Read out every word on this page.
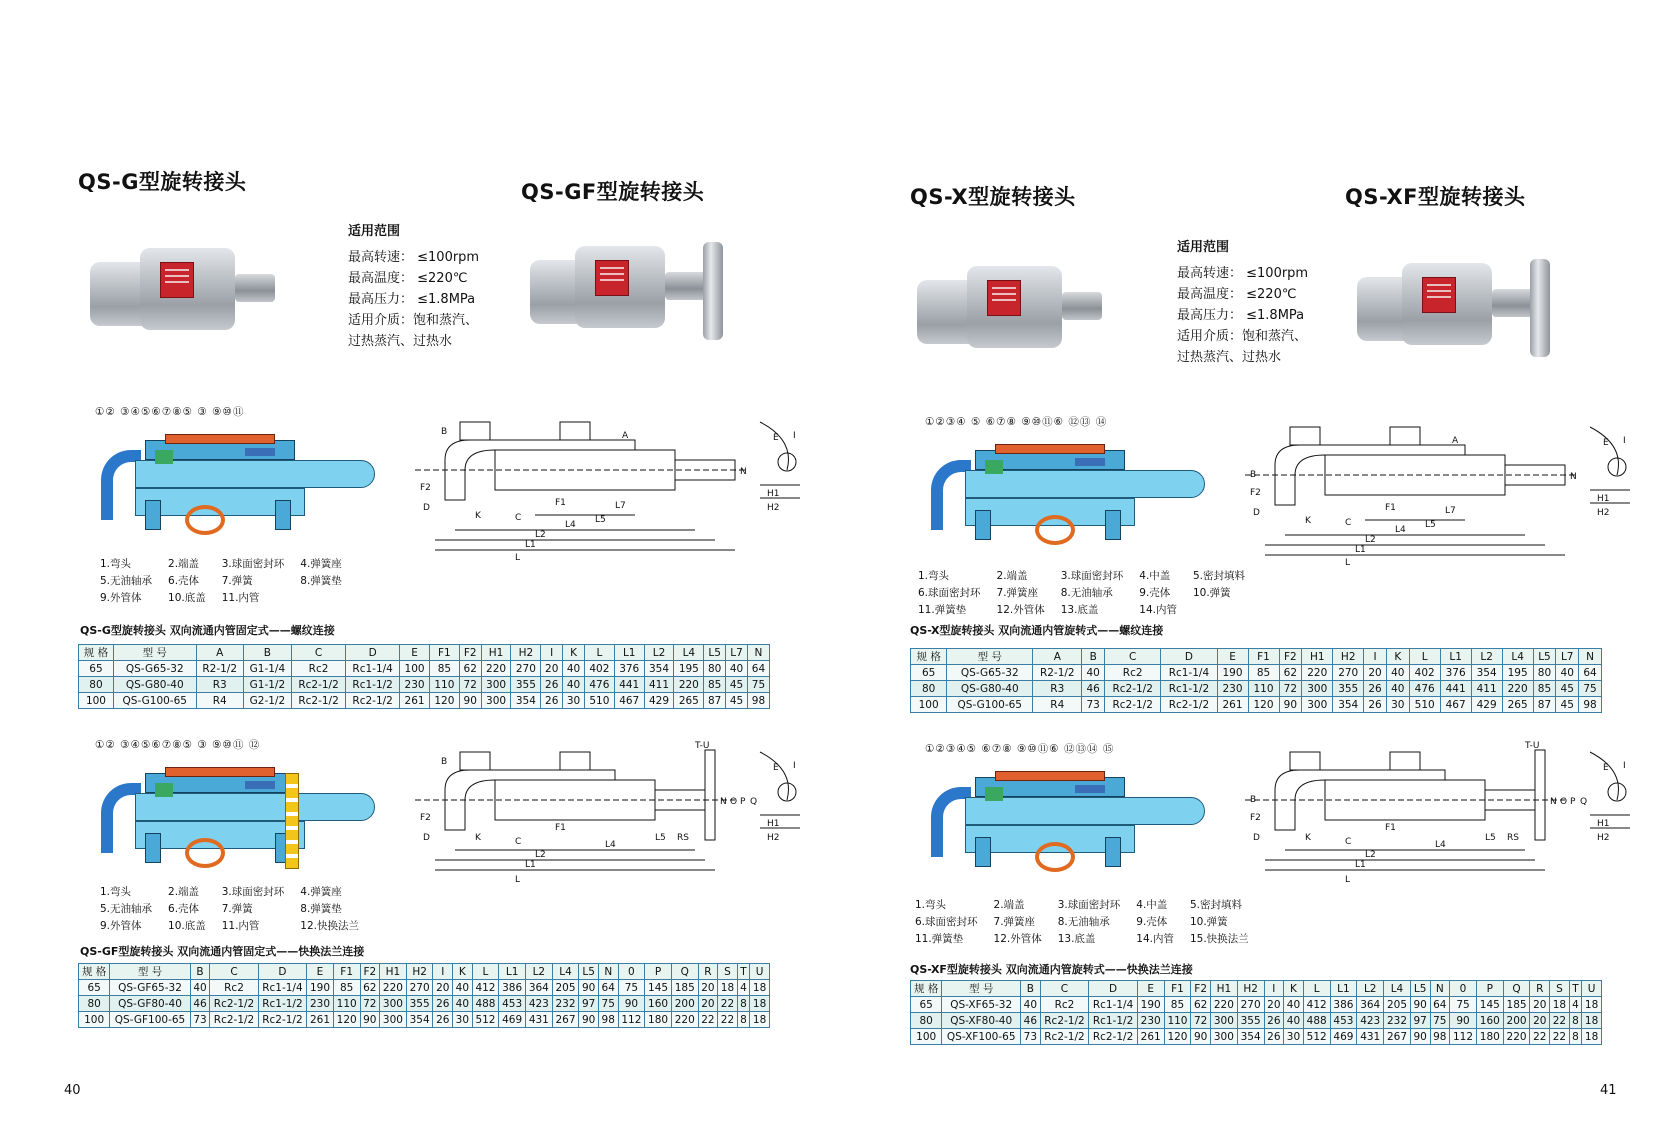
QS-G型旋转接头	QS-GF型旋转接头	QS-X型旋转接头	QS-XF型旋转接头
适用范围
最高转速： ≤100rpm
最高温度： ≤220℃
最高压力： ≤1.8MPa
适用介质：饱和蒸汽、
过热蒸汽、过热水
适用范围
最高转速： ≤100rpm
最高温度： ≤220℃
最高压力： ≤1.8MPa
适用介质：饱和蒸汽、
过热蒸汽、过热水
①② ③④⑤⑥⑦⑧⑤ ③ ⑨⑩⑪
①② ③④⑤⑥⑦⑧⑤ ③ ⑨⑩⑪ ⑫
①②③④ ⑤ ⑥⑦⑧ ⑨⑩⑪⑥ ⑫⑬ ⑭
①②③④⑤ ⑥⑦⑧ ⑨⑩⑪⑥ ⑫⑬⑭ ⑮
A
B
N
F2
D
K	C
F1	L7
L5
L4
L2
L1
L
E I
H1
H2
T-U
B
N O P Q
F2
D	K	C
F1
L5 RS
L4
L2
L1
L
E I
H1
H2
A
B	N
F2
D
K	C
F1	L7
L5
L4
L2
L1
L
E I
H1
H2
T-U
B	N O P Q
F2
D	K	C
F1
L5 RS
L4
L2
L1
L
E I
H1
H2
1.弯头	2.端盖	3.球面密封环	4.弹簧座
5.无油轴承	6.壳体	7.弹簧	8.弹簧垫
9.外管体	10.底盖	11.内管	
1.弯头	2.端盖	3.球面密封环	4.弹簧座
5.无油轴承	6.壳体	7.弹簧	8.弹簧垫
9.外管体	10.底盖	11.内管	12.快换法兰
1.弯头	2.端盖	3.球面密封环	4.中盖	5.密封填料
6.球面密封环	7.弹簧座	8.无油轴承	9.壳体	10.弹簧
11.弹簧垫	12.外管体	13.底盖	14.内管	
1.弯头	2.端盖	3.球面密封环	4.中盖	5.密封填料
6.球面密封环	7.弹簧座	8.无油轴承	9.壳体	10.弹簧
11.弹簧垫	12.外管体	13.底盖	14.内管	15.快换法兰
QS-G型旋转接头 双向流通内管固定式——螺纹连接
QS-GF型旋转接头 双向流通内管固定式——快换法兰连接
QS-X型旋转接头 双向流通内管旋转式——螺纹连接
QS-XF型旋转接头 双向流通内管旋转式——快换法兰连接
规 格	型 号	A	B	C	D	E	F1	F2	H1	H2	I	K	L	L1	L2	L4	L5	L7	N
65	QS-G65-32	R2-1/2	G1-1/4	Rc2	Rc1-1/4	100	85	62	220	270	20	40	402	376	354	195	80	40	64
80	QS-G80-40	R3	G1-1/2	Rc2-1/2	Rc1-1/2	230	110	72	300	355	26	40	476	441	411	220	85	45	75
100	QS-G100-65	R4	G2-1/2	Rc2-1/2	Rc2-1/2	261	120	90	300	354	26	30	510	467	429	265	87	45	98
规 格	型 号	B	C	D	E	F1	F2	H1	H2	I	K	L	L1	L2	L4	L5	N	0	P	Q	R	S	T	U
65	QS-GF65-32	40	Rc2	Rc1-1/4	190	85	62	220	270	20	40	412	386	364	205	90	64	75	145	185	20	18	4	18
80	QS-GF80-40	46	Rc2-1/2	Rc1-1/2	230	110	72	300	355	26	40	488	453	423	232	97	75	90	160	200	20	22	8	18
100	QS-GF100-65	73	Rc2-1/2	Rc2-1/2	261	120	90	300	354	26	30	512	469	431	267	90	98	112	180	220	22	22	8	18
规 格	型 号	A	B	C	D	E	F1	F2	H1	H2	I	K	L	L1	L2	L4	L5	L7	N
65	QS-G65-32	R2-1/2	40	Rc2	Rc1-1/4	190	85	62	220	270	20	40	402	376	354	195	80	40	64
80	QS-G80-40	R3	46	Rc2-1/2	Rc1-1/2	230	110	72	300	355	26	40	476	441	411	220	85	45	75
100	QS-G100-65	R4	73	Rc2-1/2	Rc2-1/2	261	120	90	300	354	26	30	510	467	429	265	87	45	98
规 格	型 号	B	C	D	E	F1	F2	H1	H2	I	K	L	L1	L2	L4	L5	N	0	P	Q	R	S	T	U
65	QS-XF65-32	40	Rc2	Rc1-1/4	190	85	62	220	270	20	40	412	386	364	205	90	64	75	145	185	20	18	4	18
80	QS-XF80-40	46	Rc2-1/2	Rc1-1/2	230	110	72	300	355	26	40	488	453	423	232	97	75	90	160	200	20	22	8	18
100	QS-XF100-65	73	Rc2-1/2	Rc2-1/2	261	120	90	300	354	26	30	512	469	431	267	90	98	112	180	220	22	22	8	18
40	41
